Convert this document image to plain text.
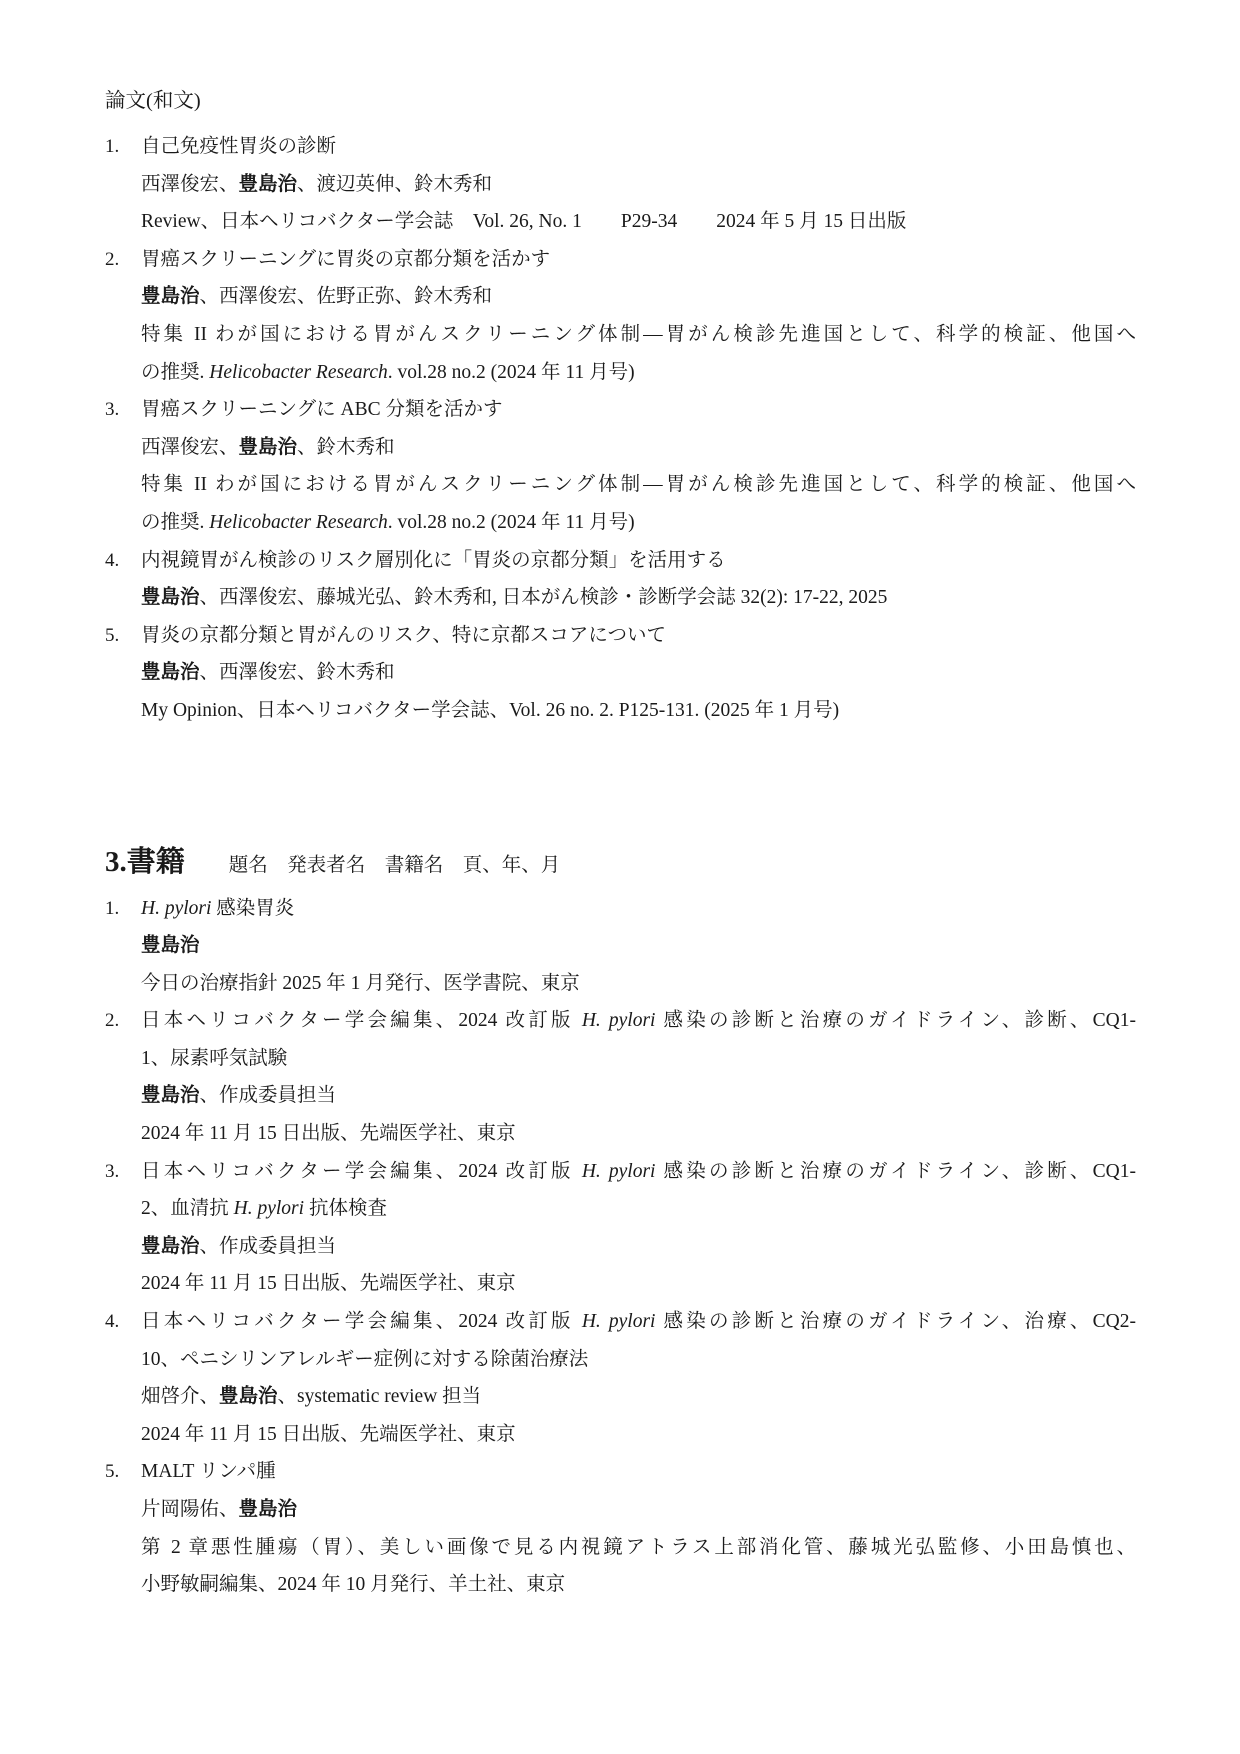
論文(和文)
1.	自己免疫性胃炎の診断
西澤俊宏、豊島治、渡辺英伸、鈴木秀和
Review、日本ヘリコバクター学会誌　Vol. 26, No. 1　　P29-34　　2024 年 5 月 15 日出版
2.	胃癌スクリーニングに胃炎の京都分類を活かす
豊島治、西澤俊宏、佐野正弥、鈴木秀和
特集 II わが国における胃がんスクリーニング体制—胃がん検診先進国として、科学的検証、他国へ
の推奨. Helicobacter Research. vol.28 no.2 (2024 年 11 月号)
3.	胃癌スクリーニングに ABC 分類を活かす
西澤俊宏、豊島治、鈴木秀和
特集 II わが国における胃がんスクリーニング体制—胃がん検診先進国として、科学的検証、他国へ
の推奨. Helicobacter Research. vol.28 no.2 (2024 年 11 月号)
4.	内視鏡胃がん検診のリスク層別化に「胃炎の京都分類」を活用する
豊島治、西澤俊宏、藤城光弘、鈴木秀和, 日本がん検診・診断学会誌 32(2): 17-22, 2025
5.	胃炎の京都分類と胃がんのリスク、特に京都スコアについて
豊島治、西澤俊宏、鈴木秀和
My Opinion、日本ヘリコバクター学会誌、Vol. 26 no. 2. P125-131. (2025 年 1 月号)
3.書籍 題名　発表者名　書籍名　頁、年、月
1.	H. pylori 感染胃炎
豊島治
今日の治療指針 2025 年 1 月発行、医学書院、東京
2.	日本ヘリコバクター学会編集、2024 改訂版 H. pylori 感染の診断と治療のガイドライン、診断、CQ1-
1、尿素呼気試験
豊島治、作成委員担当
2024 年 11 月 15 日出版、先端医学社、東京
3.	日本ヘリコバクター学会編集、2024 改訂版 H. pylori 感染の診断と治療のガイドライン、診断、CQ1-
2、血清抗 H. pylori 抗体検査
豊島治、作成委員担当
2024 年 11 月 15 日出版、先端医学社、東京
4.	日本ヘリコバクター学会編集、2024 改訂版 H. pylori 感染の診断と治療のガイドライン、治療、CQ2-
10、ペニシリンアレルギー症例に対する除菌治療法
畑啓介、豊島治、systematic review 担当
2024 年 11 月 15 日出版、先端医学社、東京
5.	MALT リンパ腫
片岡陽佑、豊島治
第 2 章悪性腫瘍（胃）、美しい画像で見る内視鏡アトラス上部消化管、藤城光弘監修、小田島慎也、
小野敏嗣編集、2024 年 10 月発行、羊土社、東京
